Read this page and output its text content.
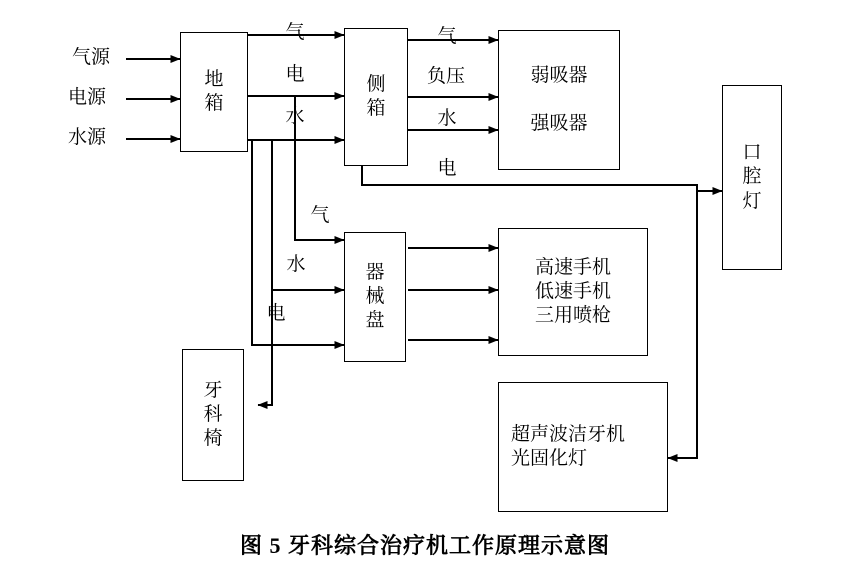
气源
电源
水源
地
箱
侧
箱
弱吸器
强吸器
口
腔
灯
器
械
盘
高速手机
低速手机
三用喷枪
牙
科
椅	超声波洁牙机
光固化灯
气
电
水
气
负压
水
电
气
水
电
图 5 牙科综合治疗机工作原理示意图
